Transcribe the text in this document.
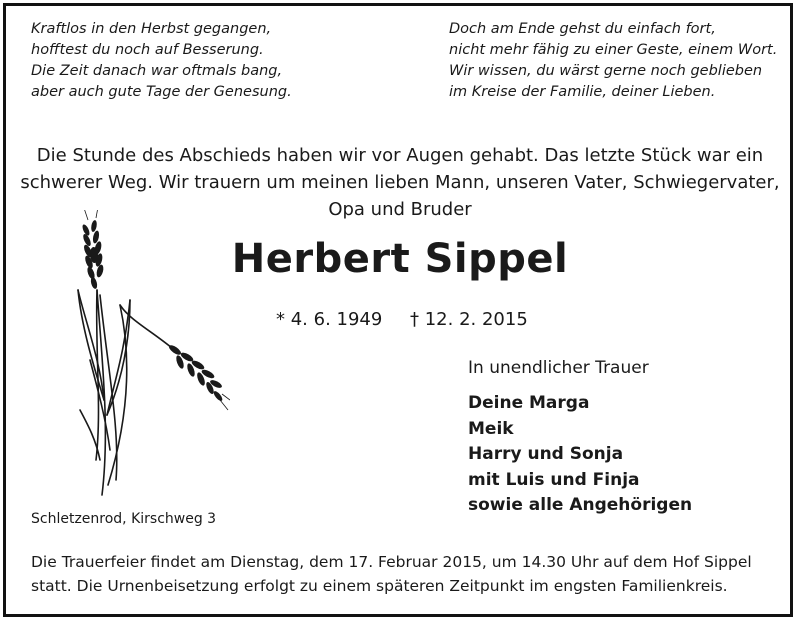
Kraftlos in den Herbst gegangen,
hofftest du noch auf Besserung.
Die Zeit danach war oftmals bang,
aber auch gute Tage der Genesung.
Doch am Ende gehst du einfach fort,
nicht mehr fähig zu einer Geste, einem Wort.
Wir wissen, du wärst gerne noch geblieben
im Kreise der Familie, deiner Lieben.
Die Stunde des Abschieds haben wir vor Augen gehabt. Das letzte Stück war ein
schwerer Weg. Wir trauern um meinen lieben Mann, unseren Vater, Schwiegervater,
Opa und Bruder
Herbert Sippel
* 4. 6. 1949 † 12. 2. 2015
In unendlicher Trauer
Deine Marga
Meik
Harry und Sonja
mit Luis und Finja
sowie alle Angehörigen
Schletzenrod, Kirschweg 3
Die Trauerfeier findet am Dienstag, dem 17. Februar 2015, um 14.30 Uhr auf dem Hof Sippel
statt. Die Urnenbeisetzung erfolgt zu einem späteren Zeitpunkt im engsten Familienkreis.
